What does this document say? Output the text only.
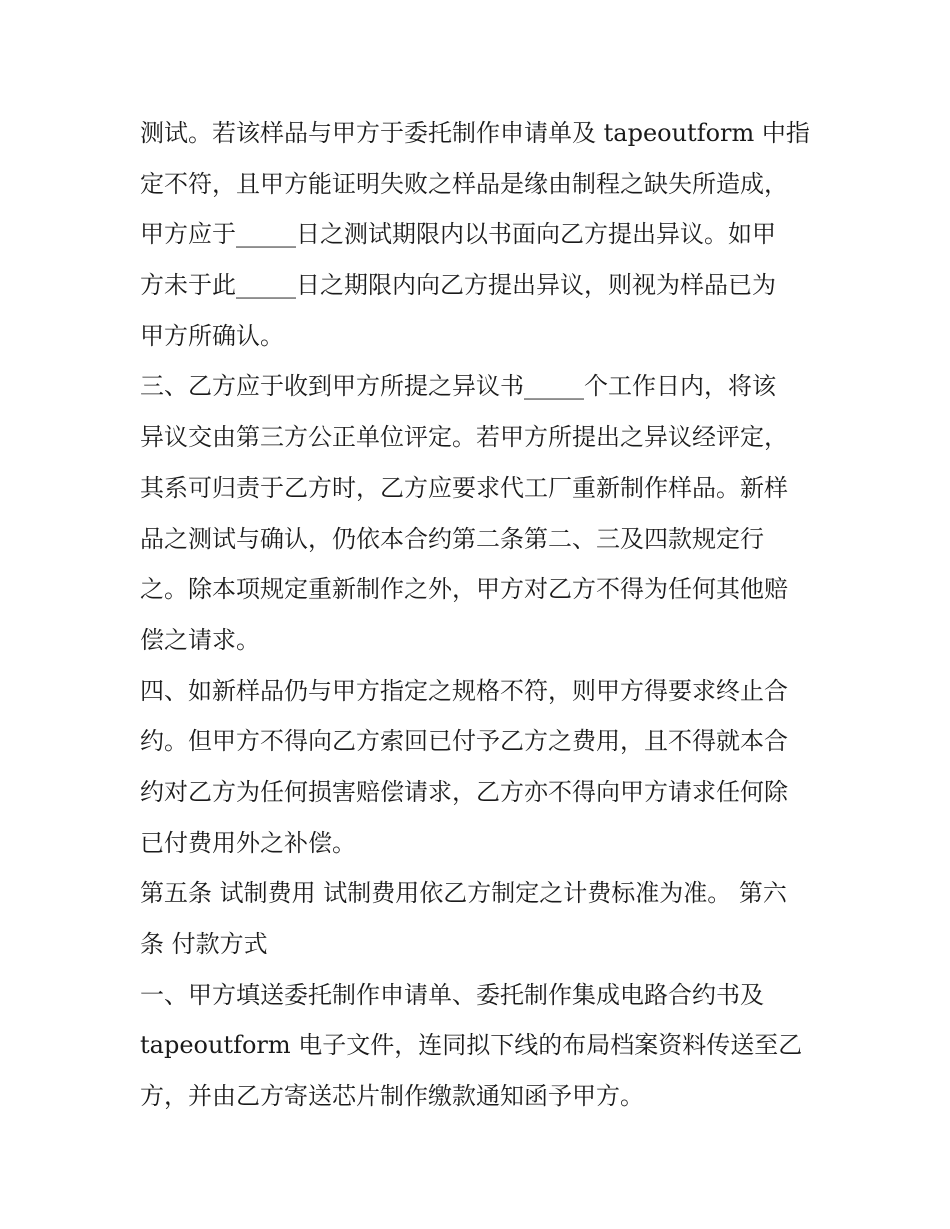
测试。若该样品与甲方于委托制作申请单及 tapeoutform 中指
定不符，且甲方能证明失败之样品是缘由制程之缺失所造成，
甲方应于_____日之测试期限内以书面向乙方提出异议。如甲
方未于此_____日之期限内向乙方提出异议，则视为样品已为
甲方所确认。
三、乙方应于收到甲方所提之异议书_____个工作日内，将该
异议交由第三方公正单位评定。若甲方所提出之异议经评定，
其系可归责于乙方时，乙方应要求代工厂重新制作样品。新样
品之测试与确认，仍依本合约第二条第二、三及四款规定行
之。除本项规定重新制作之外，甲方对乙方不得为任何其他赔
偿之请求。
四、如新样品仍与甲方指定之规格不符，则甲方得要求终止合
约。但甲方不得向乙方索回已付予乙方之费用，且不得就本合
约对乙方为任何损害赔偿请求，乙方亦不得向甲方请求任何除
已付费用外之补偿。
第五条 试制费用 试制费用依乙方制定之计费标准为准。 第六
条 付款方式
一、甲方填送委托制作申请单、委托制作集成电路合约书及
tapeoutform 电子文件，连同拟下线的布局档案资料传送至乙
方，并由乙方寄送芯片制作缴款通知函予甲方。
